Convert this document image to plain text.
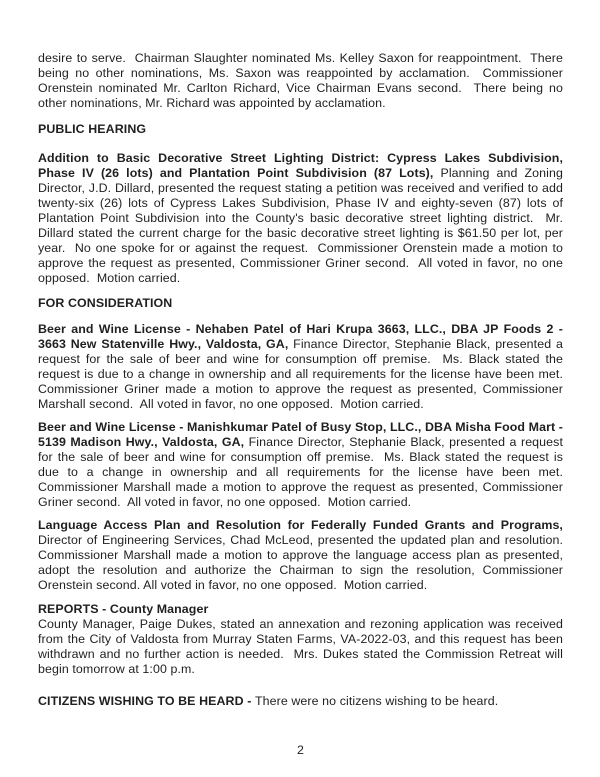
desire to serve.  Chairman Slaughter nominated Ms. Kelley Saxon for reappointment.  There being no other nominations, Ms. Saxon was reappointed by acclamation.  Commissioner Orenstein nominated Mr. Carlton Richard, Vice Chairman Evans second.  There being no other nominations, Mr. Richard was appointed by acclamation.

PUBLIC HEARING

Addition to Basic Decorative Street Lighting District: Cypress Lakes Subdivision, Phase IV (26 lots) and Plantation Point Subdivision (87 Lots), Planning and Zoning Director, J.D. Dillard, presented the request stating a petition was received and verified to add twenty-six (26) lots of Cypress Lakes Subdivision, Phase IV and eighty-seven (87) lots of Plantation Point Subdivision into the County's basic decorative street lighting district.  Mr. Dillard stated the current charge for the basic decorative street lighting is $61.50 per lot, per year.  No one spoke for or against the request.  Commissioner Orenstein made a motion to approve the request as presented, Commissioner Griner second.  All voted in favor, no one opposed.  Motion carried.

FOR CONSIDERATION

Beer and Wine License - Nehaben Patel of Hari Krupa 3663, LLC., DBA JP Foods 2 - 3663 New Statenville Hwy., Valdosta, GA, Finance Director, Stephanie Black, presented a request for the sale of beer and wine for consumption off premise.  Ms. Black stated the request is due to a change in ownership and all requirements for the license have been met.  Commissioner Griner made a motion to approve the request as presented, Commissioner Marshall second.  All voted in favor, no one opposed.  Motion carried.

Beer and Wine License - Manishkumar Patel of Busy Stop, LLC., DBA Misha Food Mart - 5139 Madison Hwy., Valdosta, GA, Finance Director, Stephanie Black, presented a request for the sale of beer and wine for consumption off premise.  Ms. Black stated the request is due to a change in ownership and all requirements for the license have been met.  Commissioner Marshall made a motion to approve the request as presented, Commissioner Griner second.  All voted in favor, no one opposed.  Motion carried.

Language Access Plan and Resolution for Federally Funded Grants and Programs, Director of Engineering Services, Chad McLeod, presented the updated plan and resolution.  Commissioner Marshall made a motion to approve the language access plan as presented, adopt the resolution and authorize the Chairman to sign the resolution, Commissioner Orenstein second. All voted in favor, no one opposed.  Motion carried.

REPORTS - County Manager

County Manager, Paige Dukes, stated an annexation and rezoning application was received from the City of Valdosta from Murray Staten Farms, VA-2022-03, and this request has been withdrawn and no further action is needed.  Mrs. Dukes stated the Commission Retreat will begin tomorrow at 1:00 p.m.

CITIZENS WISHING TO BE HEARD - There were no citizens wishing to be heard.

2
